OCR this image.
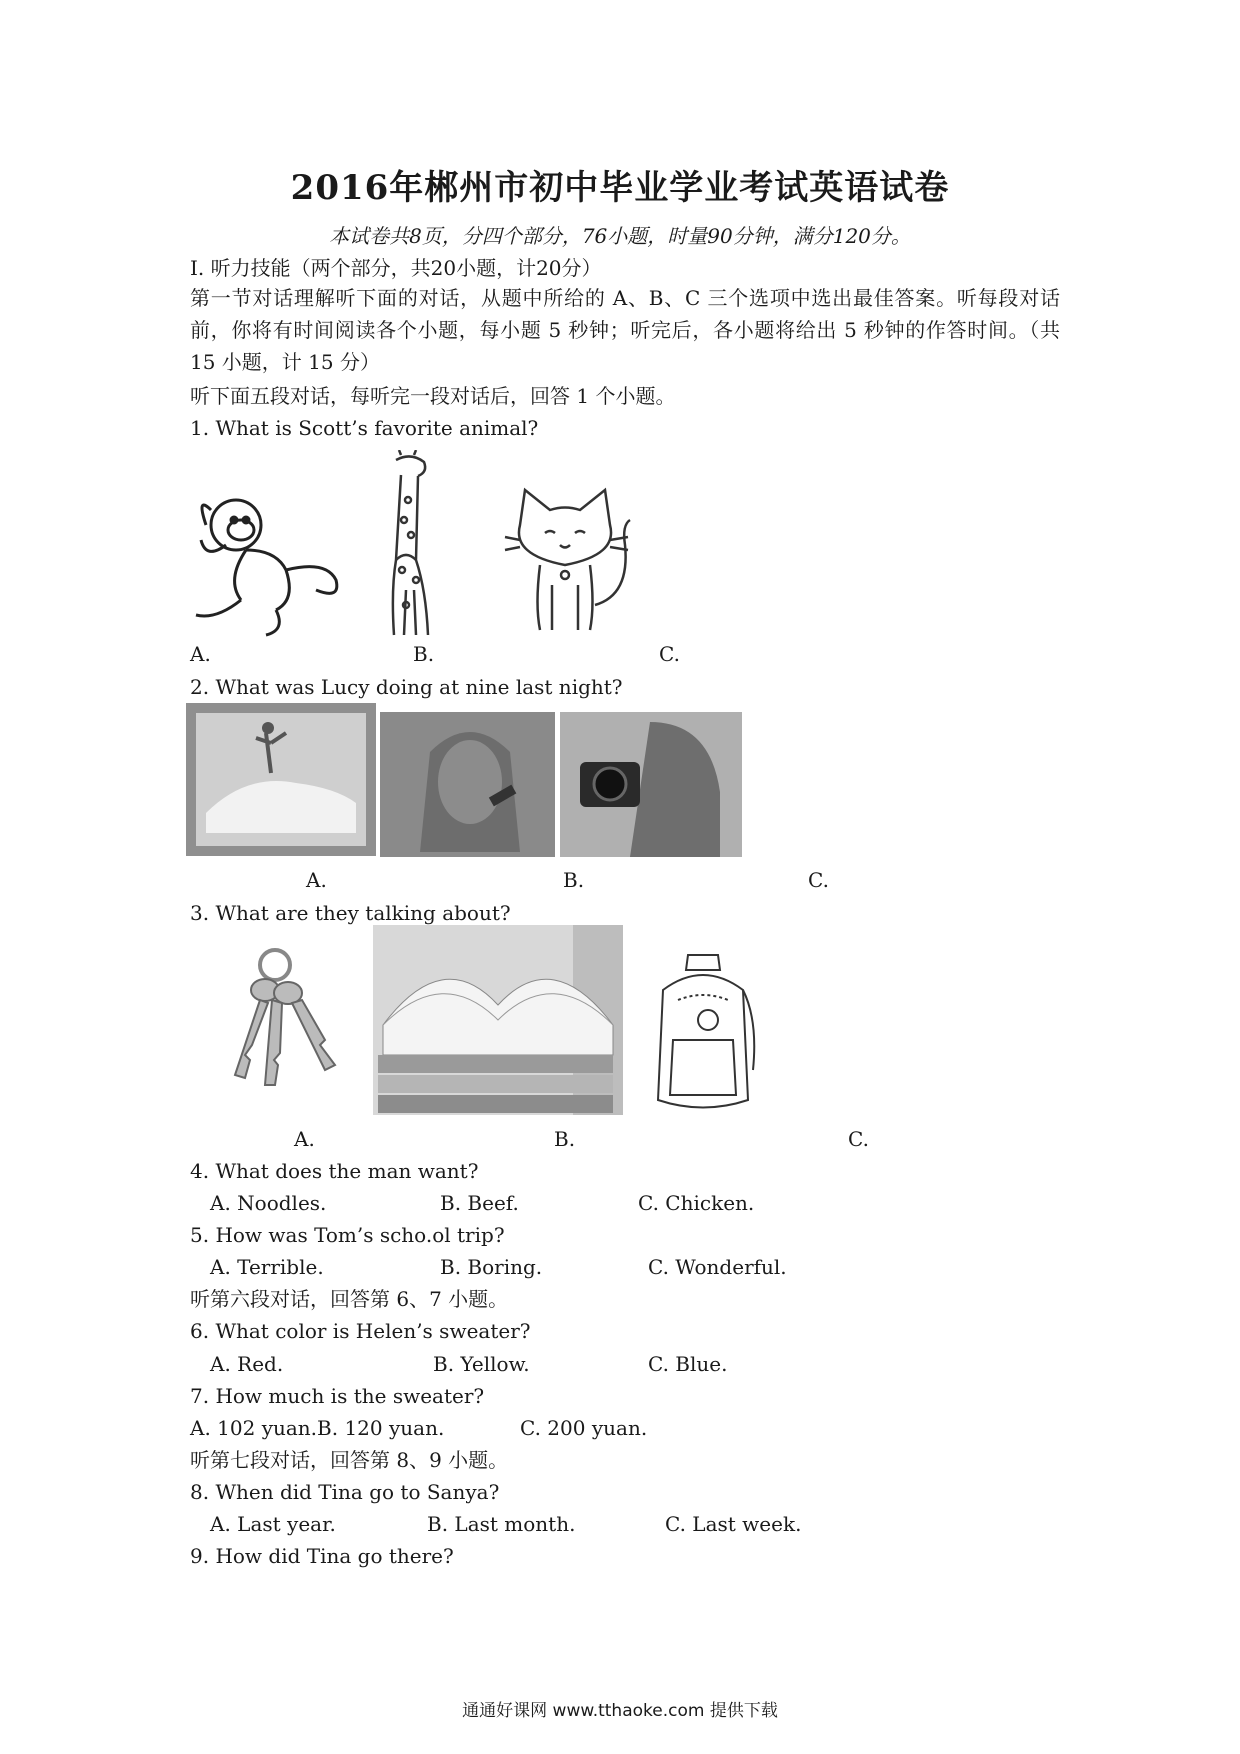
2016年郴州市初中毕业学业考试英语试卷
本试卷共8页，分四个部分，76小题，时量90分钟，满分120分。
I. 听力技能（两个部分，共20小题，计20分）
第一节对话理解听下面的对话，从题中所给的 A、B、C 三个选项中选出最佳答案。听每段对话前，你将有时间阅读各个小题，每小题 5 秒钟；听完后，各小题将给出 5 秒钟的作答时间。（共 15 小题，计 15 分）
听下面五段对话，每听完一段对话后，回答 1 个小题。
1. What is Scott’s favorite animal?
A.	B.	C.
2. What was Lucy doing at nine last night?
A.	B.	C.
3. What are they talking about?
A.	B.	C.
4. What does the man want?
A. Noodles.	B. Beef.	C. Chicken.
5. How was Tom’s scho.ol trip?
A. Terrible.	B. Boring.	C. Wonderful.
听第六段对话，回答第 6、7 小题。
6. What color is Helen’s sweater?
A. Red.	B. Yellow.	C. Blue.
7. How much is the sweater?
A. 102 yuan.B. 120 yuan.	C. 200 yuan.
听第七段对话，回答第 8、9 小题。
8. When did Tina go to Sanya?
A. Last year.	B. Last month.	C. Last week.
9. How did Tina go there?
通通好课网 www.tthaoke.com 提供下载
